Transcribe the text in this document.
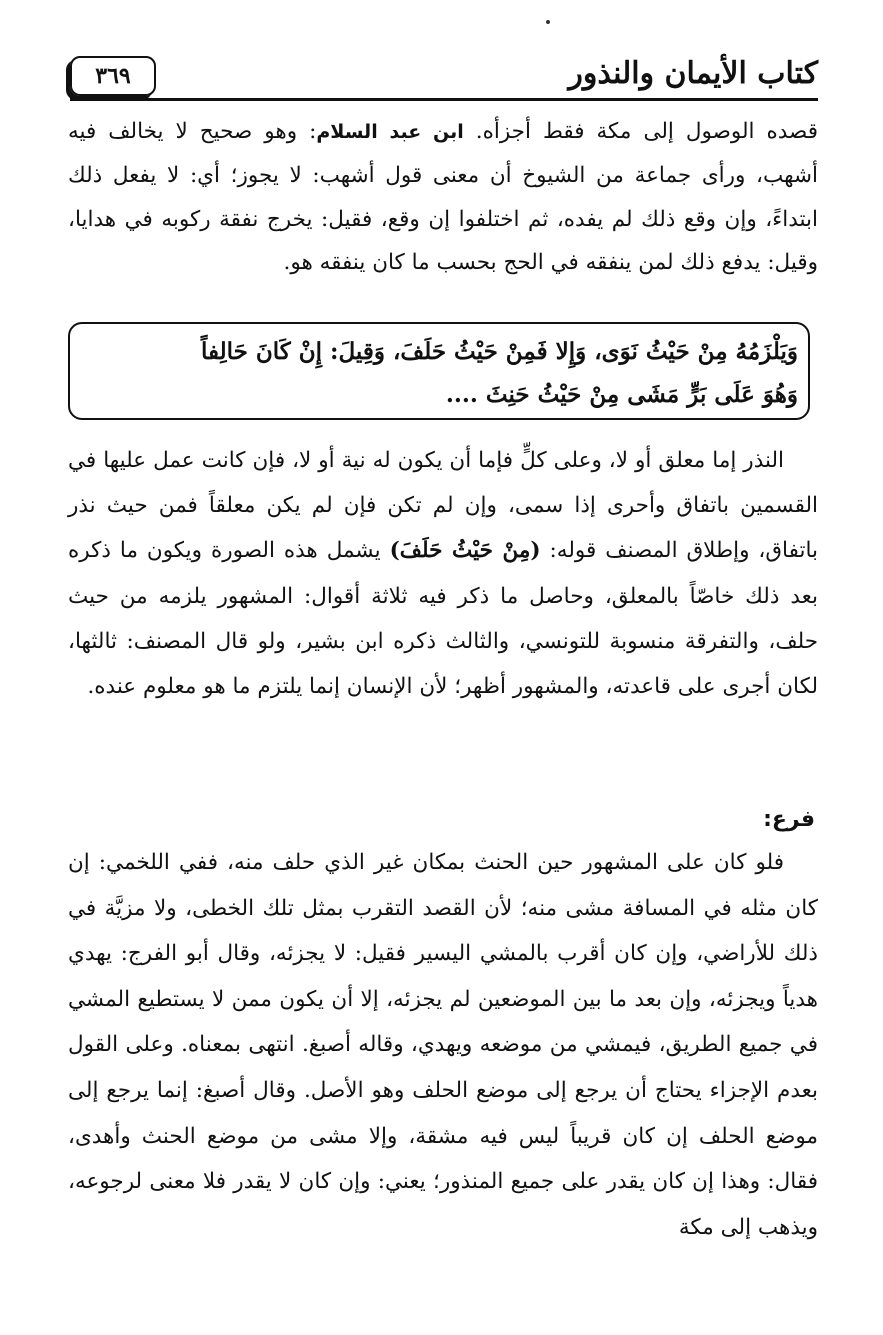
كتاب الأيمان والنذور
٣٦٩

قصده الوصول إلى مكة فقط أجزأه. ابن عبد السلام: وهو صحيح لا يخالف فيه أشهب، ورأى جماعة من الشيوخ أن معنى قول أشهب: لا يجوز؛ أي: لا يفعل ذلك ابتداءً، وإن وقع ذلك لم يفده، ثم اختلفوا إن وقع، فقيل: يخرج نفقة ركوبه في هدايا، وقيل: يدفع ذلك لمن ينفقه في الحج بحسب ما كان ينفقه هو.

وَيَلْزَمُهُ مِنْ حَيْثُ نَوَى، وَإِلا فَمِنْ حَيْثُ حَلَفَ، وَقِيلَ: إِنْ كَانَ حَالِفاً
وَهُوَ عَلَى بَرٍّ مَشَى مِنْ حَيْثُ حَنِثَ ....

النذر إما معلق أو لا، وعلى كلٍّ فإما أن يكون له نية أو لا، فإن كانت عمل عليها في القسمين باتفاق وأحرى إذا سمى، وإن لم تكن فإن لم يكن معلقاً فمن حيث نذر باتفاق، وإطلاق المصنف قوله: (مِنْ حَيْثُ حَلَفَ) يشمل هذه الصورة ويكون ما ذكره بعد ذلك خاصّاً بالمعلق، وحاصل ما ذكر فيه ثلاثة أقوال: المشهور يلزمه من حيث حلف، والتفرقة منسوبة للتونسي، والثالث ذكره ابن بشير، ولو قال المصنف: ثالثها، لكان أجرى على قاعدته، والمشهور أظهر؛ لأن الإنسان إنما يلتزم ما هو معلوم عنده.

فرع:

فلو كان على المشهور حين الحنث بمكان غير الذي حلف منه، ففي اللخمي: إن كان مثله في المسافة مشى منه؛ لأن القصد التقرب بمثل تلك الخطى، ولا مزيَّة في ذلك للأراضي، وإن كان أقرب بالمشي اليسير فقيل: لا يجزئه، وقال أبو الفرج: يهدي هدياً ويجزئه، وإن بعد ما بين الموضعين لم يجزئه، إلا أن يكون ممن لا يستطيع المشي في جميع الطريق، فيمشي من موضعه ويهدي، وقاله أصبغ. انتهى بمعناه. وعلى القول بعدم الإجزاء يحتاج أن يرجع إلى موضع الحلف وهو الأصل. وقال أصبغ: إنما يرجع إلى موضع الحلف إن كان قريباً ليس فيه مشقة، وإلا مشى من موضع الحنث وأهدى، فقال: وهذا إن كان يقدر على جميع المنذور؛ يعني: وإن كان لا يقدر فلا معنى لرجوعه، ويذهب إلى مكة
